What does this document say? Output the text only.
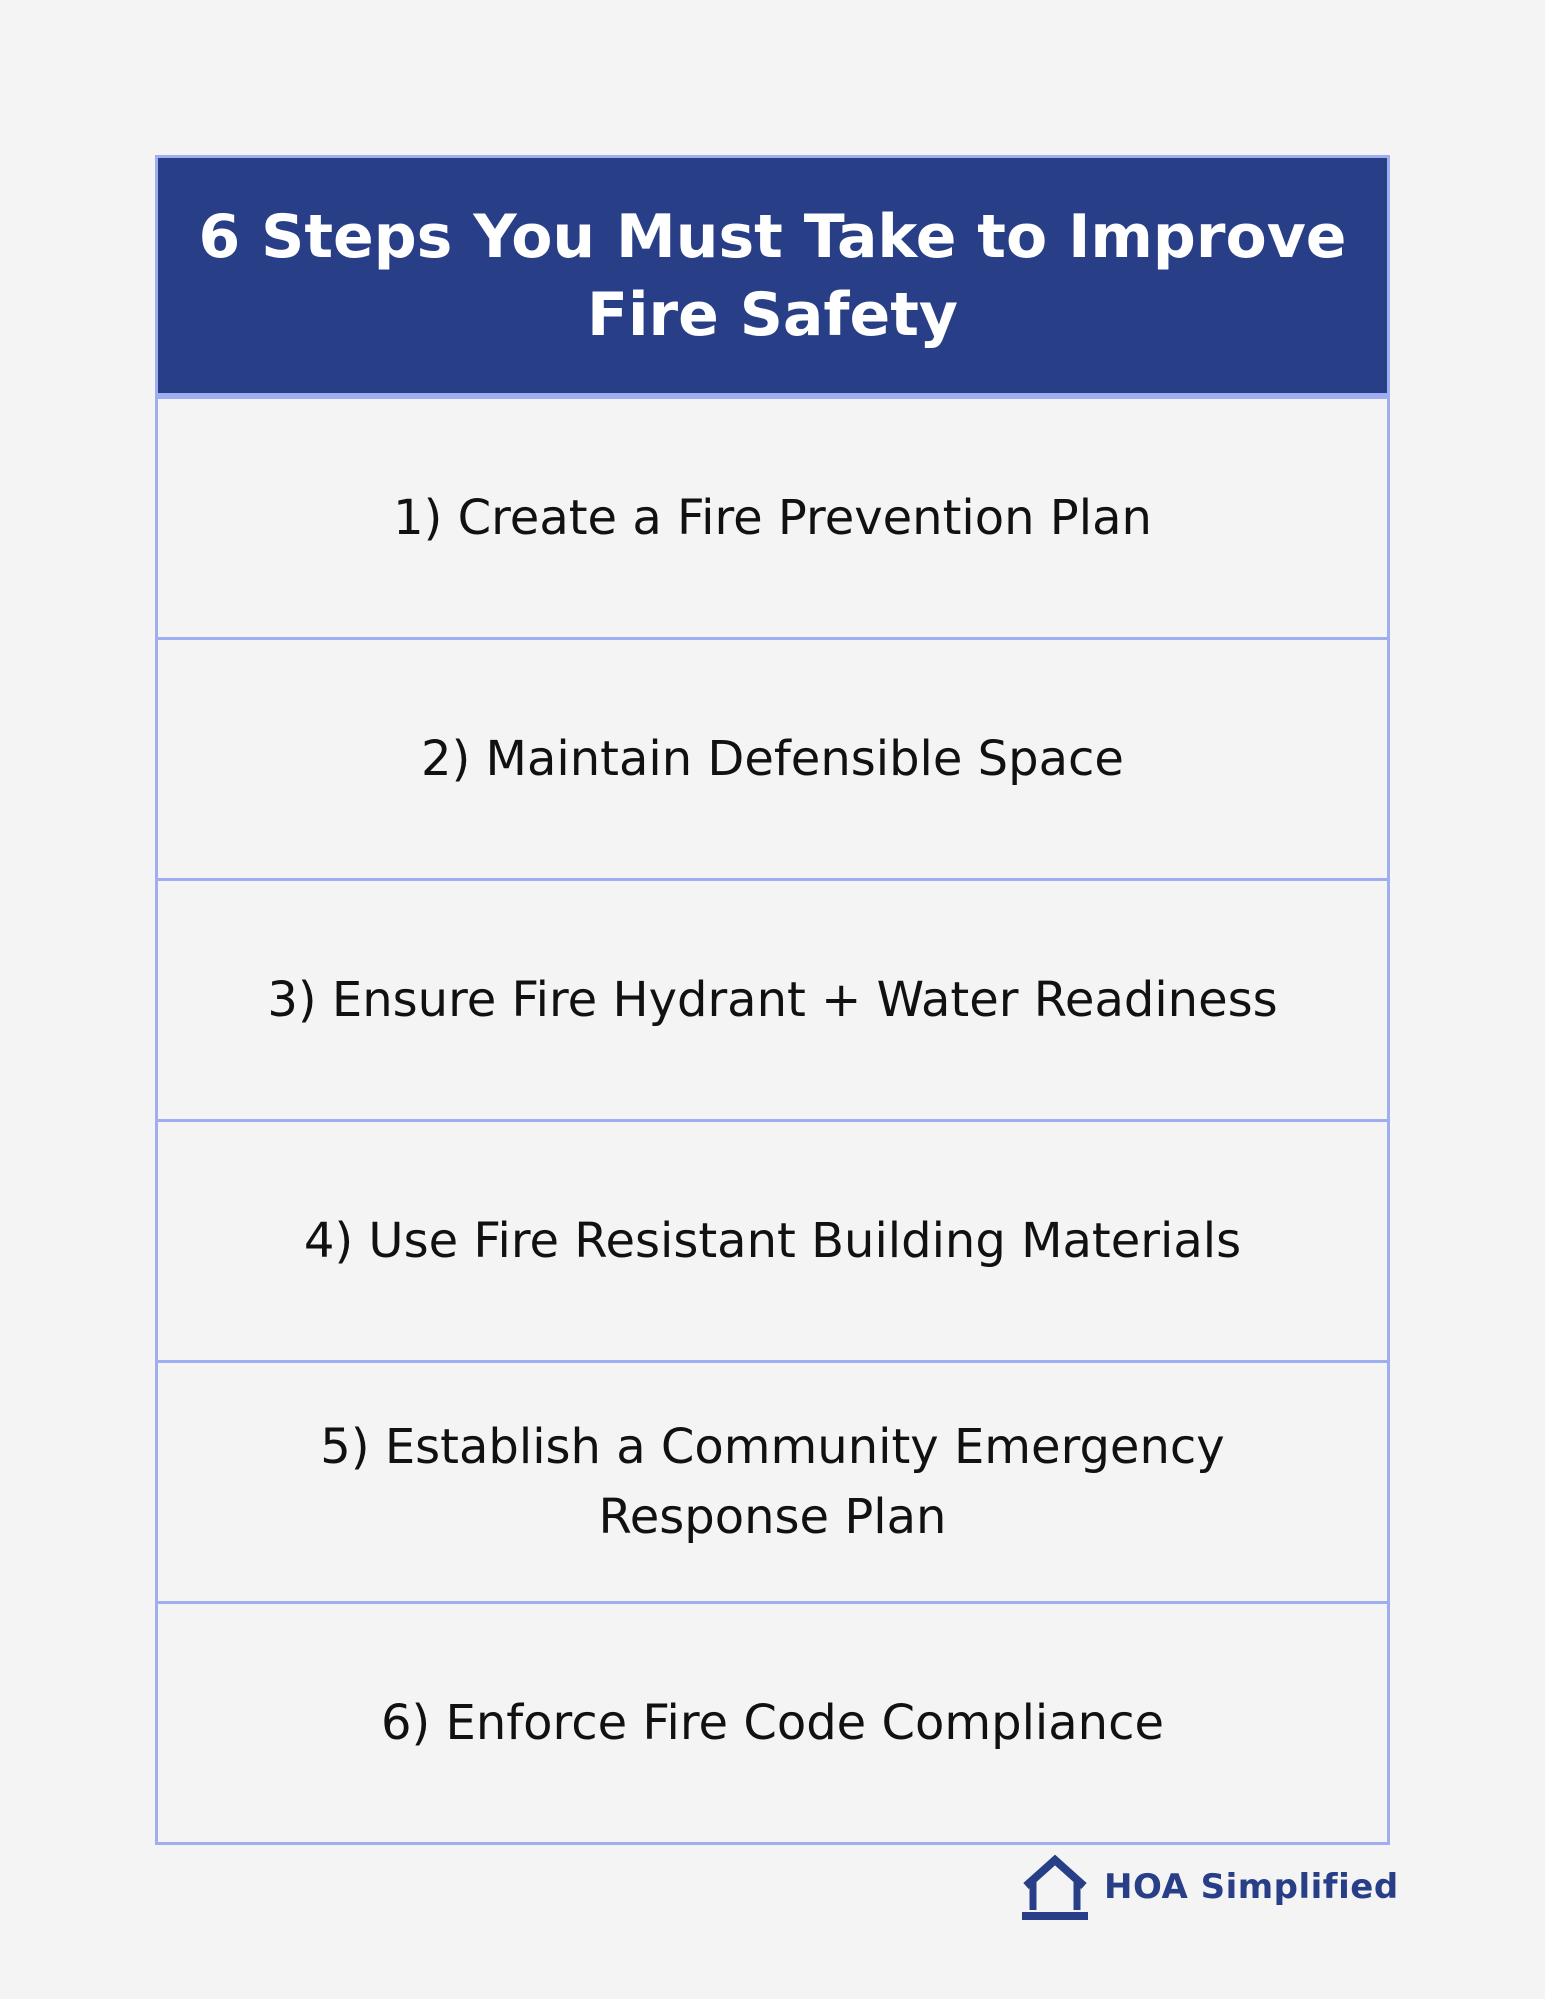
6 Steps You Must Take to Improve Fire Safety
1) Create a Fire Prevention Plan
2) Maintain Defensible Space
3) Ensure Fire Hydrant + Water Readiness
4) Use Fire Resistant Building Materials
5) Establish a Community Emergency Response Plan
6) Enforce Fire Code Compliance
HOA Simplified
